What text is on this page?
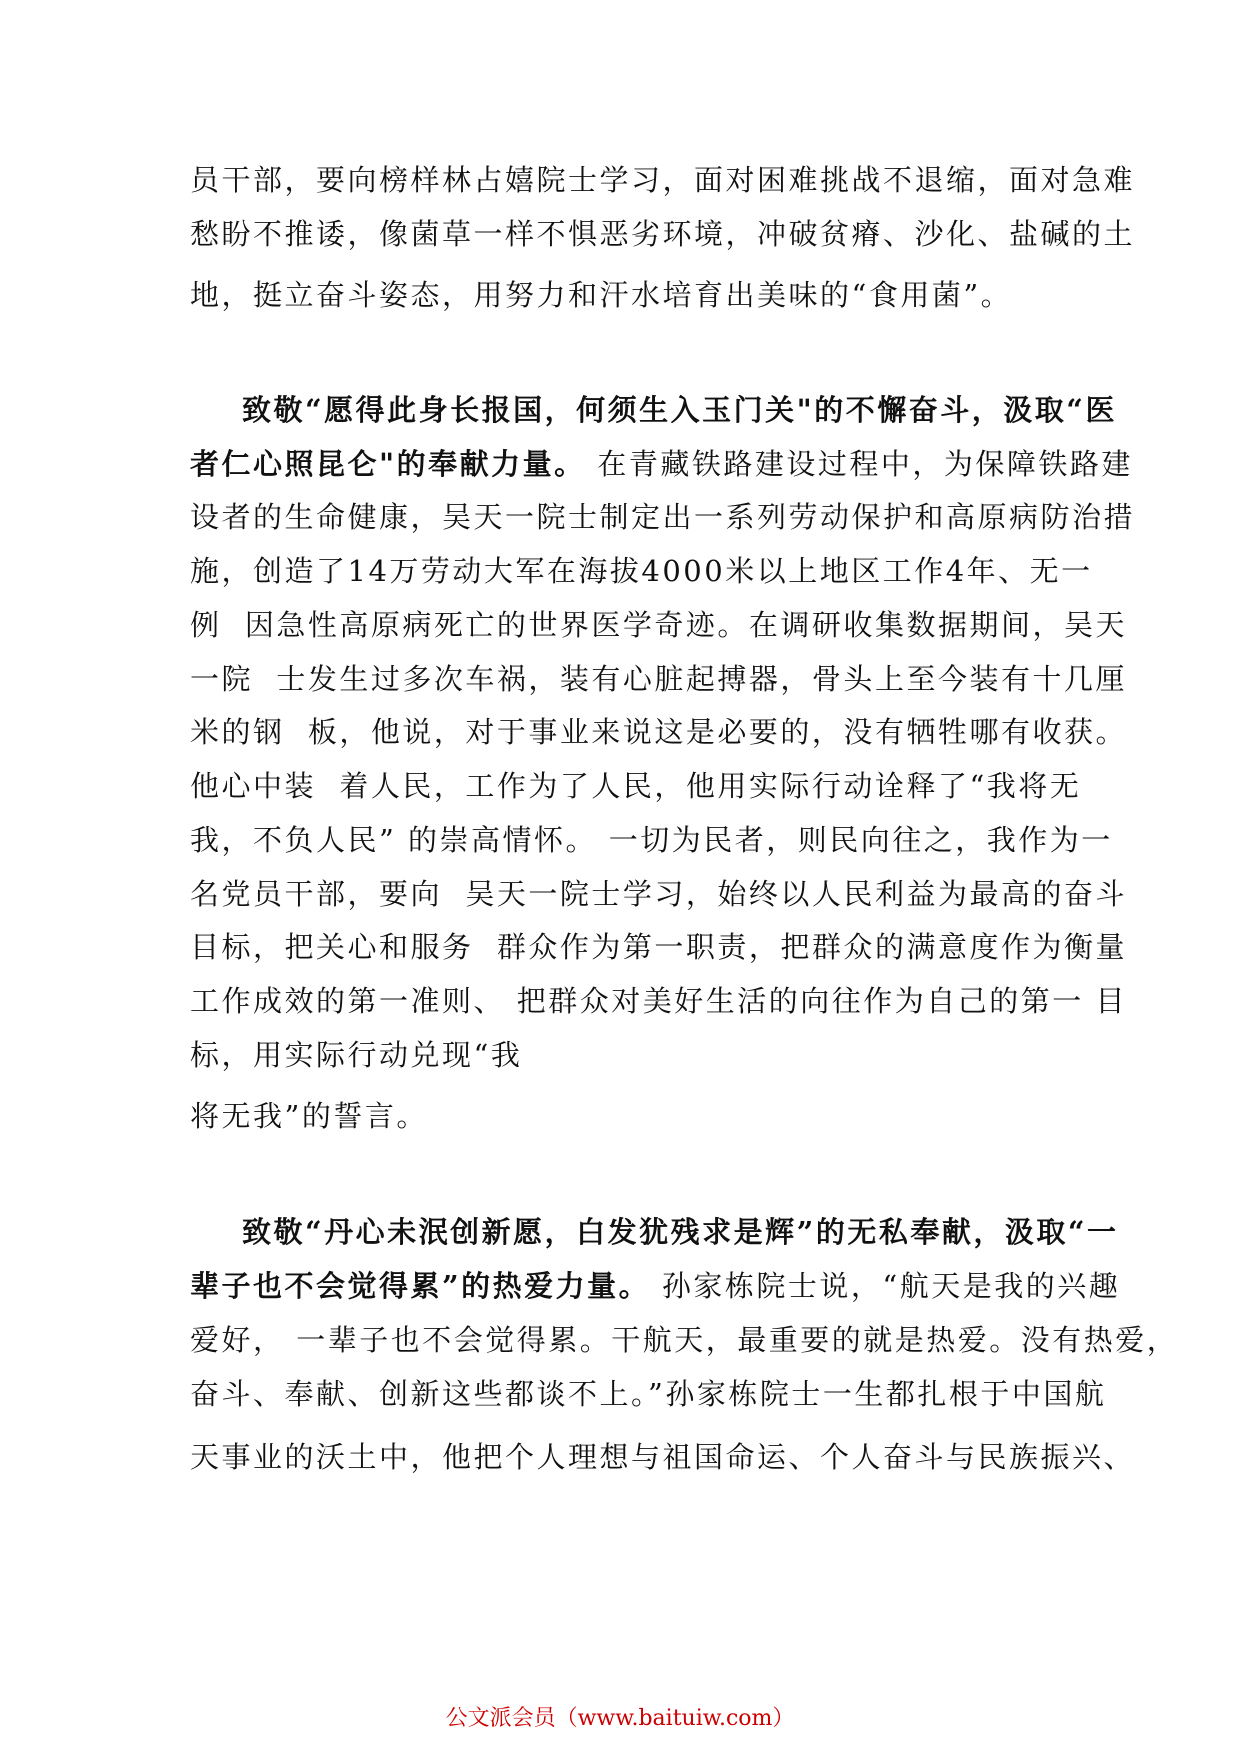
员干部，要向榜样林占嬉院士学习，面对困难挑战不退缩，面对急难
愁盼不推诿，像菌草一样不惧恶劣环境，冲破贫瘠、沙化、盐碱的土
地，挺立奋斗姿态，用努力和汗水培育出美味的“食用菌”。
致敬“愿得此身长报国，何须生入玉门关"的不懈奋斗，汲取“医
者仁心照昆仑"的奉献力量。 在青藏铁路建设过程中，为保障铁路建
设者的生命健康，吴天一院士制定出一系列劳动保护和高原病防治措
施，创造了14万劳动大军在海拔4000米以上地区工作4年、无一
例  因急性高原病死亡的世界医学奇迹。在调研收集数据期间，吴天
一院  士发生过多次车祸，装有心脏起搏器，骨头上至今装有十几厘
米的钢  板，他说，对于事业来说这是必要的，没有牺牲哪有收获。
他心中装  着人民，工作为了人民，他用实际行动诠释了“我将无
我，不负人民” 的崇高情怀。 一切为民者，则民向往之，我作为一
名党员干部，要向  吴天一院士学习，始终以人民利益为最高的奋斗
目标，把关心和服务  群众作为第一职责，把群众的满意度作为衡量
工作成效的第一准则、 把群众对美好生活的向往作为自己的第一 目
标，用实际行动兑现“我
将无我”的誓言。
致敬“丹心未泯创新愿，白发犹残求是辉”的无私奉献，汲取“一
辈子也不会觉得累”的热爱力量。 孙家栋院士说，“航天是我的兴趣
爱好， 一辈子也不会觉得累。干航天，最重要的就是热爱。没有热爱，
奋斗、奉献、创新这些都谈不上。”孙家栋院士一生都扎根于中国航
天事业的沃土中，他把个人理想与祖国命运、个人奋斗与民族振兴、
公文派会员（www.baituiw.com）
